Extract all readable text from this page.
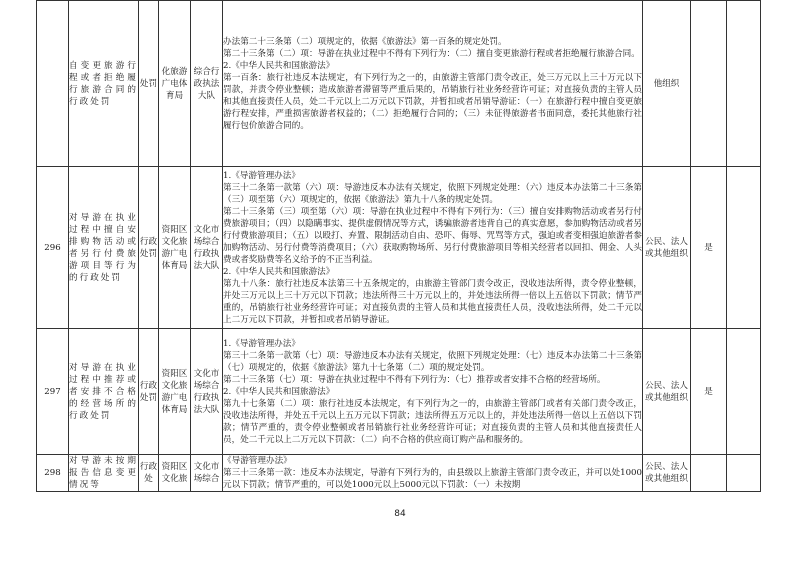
	自变更旅游行程或者拒绝履行旅游合同的行政处罚	处罚	化旅游广电体育局	综合行政执法大队	办法第二十三条第（二）项规定的，依据《旅游法》第一百条的规定处罚。
第二十三条第（二）项：导游在执业过程中不得有下列行为：（二）擅自变更旅游行程或者拒绝履行旅游合同。
2.《中华人民共和国旅游法》
第一百条：旅行社违反本法规定，有下列行为之一的，由旅游主管部门责令改正，处三万元以上三十万元以下罚款，并责令停业整顿；造成旅游者滞留等严重后果的，吊销旅行社业务经营许可证；对直接负责的主管人员和其他直接责任人员，处二千元以上二万元以下罚款，并暂扣或者吊销导游证：（一）在旅游行程中擅自变更旅游行程安排，严重损害旅游者权益的；（二）拒绝履行合同的；（三）未征得旅游者书面同意，委托其他旅行社履行包价旅游合同的。	他组织		
296	对导游在执业过程中擅自安排购物活动或者另行付费旅游项目等行为的行政处罚	行政处罚	资阳区文化旅游广电体育局	文化市场综合行政执法大队	1.《导游管理办法》
第三十二条第一款第（六）项：导游违反本办法有关规定，依照下列规定处理：（六）违反本办法第二十三条第（三）项至第（六）项规定的，依据《旅游法》第九十八条的规定处罚。
第二十三条第（三）项至第（六）项：导游在执业过程中不得有下列行为：（三）擅自安排购物活动或者另行付费旅游项目；（四）以隐瞒事实、提供虚假情况等方式，诱骗旅游者违背自己的真实意愿，参加购物活动或者另行付费旅游项目；（五）以殴打、弃置、限制活动自由、恐吓、侮辱、咒骂等方式，强迫或者变相强迫旅游者参加购物活动、另行付费等消费项目；（六）获取购物场所、另行付费旅游项目等相关经营者以回扣、佣金、人头费或者奖励费等名义给予的不正当利益。
2.《中华人民共和国旅游法》
第九十八条：旅行社违反本法第三十五条规定的，由旅游主管部门责令改正，没收违法所得，责令停业整顿，并处三万元以上三十万元以下罚款；违法所得三十万元以上的，并处违法所得一倍以上五倍以下罚款；情节严重的，吊销旅行社业务经营许可证；对直接负责的主管人员和其他直接责任人员，没收违法所得，处二千元以上二万元以下罚款，并暂扣或者吊销导游证。	公民、法人或其他组织	是	
297	对导游在执业过程中推荐或者安排不合格的经营场所的行政处罚	行政处罚	资阳区文化旅游广电体育局	文化市场综合行政执法大队	1.《导游管理办法》
第三十二条第一款第（七）项：导游违反本办法有关规定，依照下列规定处理：（七）违反本办法第二十三条第（七）项规定的，依据《旅游法》第九十七条第（二）项的规定处罚。
第二十三条第（七）项：导游在执业过程中不得有下列行为：（七）推荐或者安排不合格的经营场所。
2.《中华人民共和国旅游法》
第九十七条第（二）项：旅行社违反本法规定，有下列行为之一的，由旅游主管部门或者有关部门责令改正，没收违法所得，并处五千元以上五万元以下罚款；违法所得五万元以上的，并处违法所得一倍以上五倍以下罚款；情节严重的，责令停业整顿或者吊销旅行社业务经营许可证；对直接负责的主管人员和其他直接责任人员，处二千元以上二万元以下罚款：（二）向不合格的供应商订购产品和服务的。	公民、法人或其他组织	是	
298	对导游未按期报告信息变更情况等	行政处	资阳区文化旅	文化市场综合	《导游管理办法》
第三十三条第一款：违反本办法规定，导游有下列行为的，由县级以上旅游主管部门责令改正，并可以处1000元以下罚款；情节严重的，可以处1000元以上5000元以下罚款：（一）未按期	公民、法人或其他组织		
84
